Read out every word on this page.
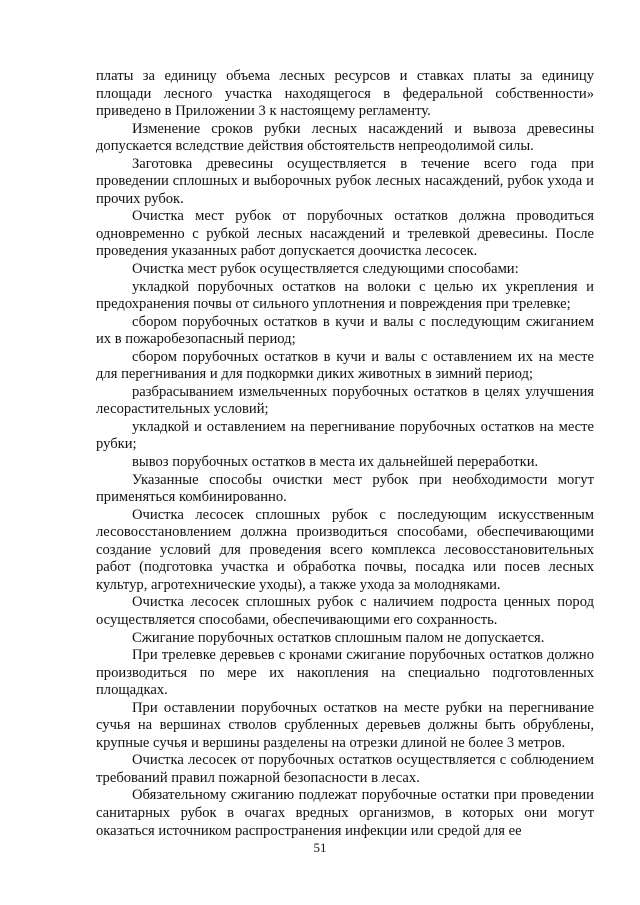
платы за единицу объема лесных ресурсов и ставках платы за единицу площади лесного участка находящегося в федеральной собственности» приведено в Приложении 3 к настоящему регламенту.

Изменение сроков рубки лесных насаждений и вывоза древесины допускается вследствие действия обстоятельств непреодолимой силы.

Заготовка древесины осуществляется в течение всего года при проведении сплошных и выборочных рубок лесных насаждений, рубок ухода и прочих рубок.

Очистка мест рубок от порубочных остатков должна проводиться одновременно с рубкой лесных насаждений и трелевкой древесины. После проведения указанных работ допускается доочистка лесосек.

Очистка мест рубок осуществляется следующими способами:

укладкой порубочных остатков на волоки с целью их укрепления и предохранения почвы от сильного уплотнения и повреждения при трелевке;

сбором порубочных остатков в кучи и валы с последующим сжиганием их в пожаробезопасный период;

сбором порубочных остатков в кучи и валы с оставлением их на месте для перегнивания и для подкормки диких животных в зимний период;

разбрасыванием измельченных порубочных остатков в целях улучшения лесорастительных условий;

укладкой и оставлением на перегнивание порубочных остатков на месте рубки;

вывоз порубочных остатков в места их дальнейшей переработки.

Указанные способы очистки мест рубок при необходимости могут применяться комбинированно.

Очистка лесосек сплошных рубок с последующим искусственным лесовосстановлением должна производиться способами, обеспечивающими создание условий для проведения всего комплекса лесовосстановительных работ (подготовка участка и обработка почвы, посадка или посев лесных культур, агротехнические уходы), а также ухода за молодняками.

Очистка лесосек сплошных рубок с наличием подроста ценных пород осуществляется способами, обеспечивающими его сохранность.

Сжигание порубочных остатков сплошным палом не допускается.

При трелевке деревьев с кронами сжигание порубочных остатков должно производиться по мере их накопления на специально подготовленных площадках.

При оставлении порубочных остатков на месте рубки на перегнивание сучья на вершинах стволов срубленных деревьев должны быть обрублены, крупные сучья и вершины разделены на отрезки длиной не более 3 метров.

Очистка лесосек от порубочных остатков осуществляется с соблюдением требований правил пожарной безопасности в лесах.

Обязательному сжиганию подлежат порубочные остатки при проведении санитарных рубок в очагах вредных организмов, в которых они могут оказаться источником распространения инфекции или средой для ее

51
